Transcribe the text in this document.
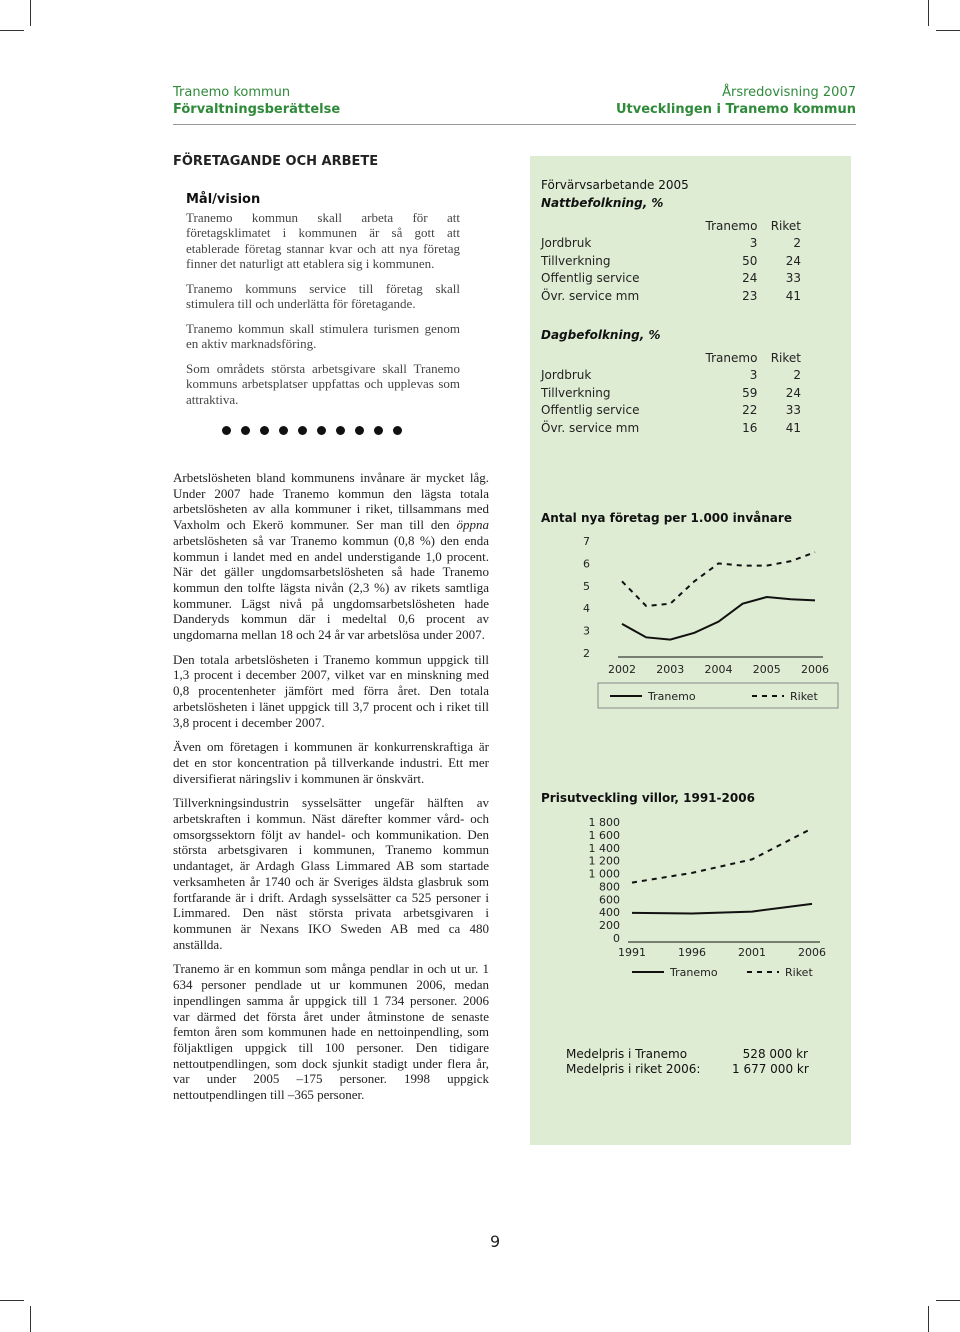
Tranemo kommun
Förvaltningsberättelse
Årsredovisning 2007
Utvecklingen i Tranemo kommun
FÖRETAGANDE OCH ARBETE
Mål/vision

Tranemo kommun skall arbeta för att företagsklimatet i kommunen är så gott att etablerade företag stannar kvar och att nya företag finner det naturligt att etablera sig i kommunen.

Tranemo kommuns service till företag skall stimulera till och underlätta för företagande.

Tranemo kommun skall stimulera turismen genom en aktiv marknadsföring.

Som områdets största arbetsgivare skall Tranemo kommuns arbetsplatser uppfattas och upplevas som attraktiva.

Arbetslösheten bland kommunens invånare är mycket låg. Under 2007 hade Tranemo kommun den lägsta totala arbetslösheten av alla kommuner i riket, tillsammans med Vaxholm och Ekerö kommuner. Ser man till den öppna arbetslösheten så var Tranemo kommun (0,8 %) den enda kommun i landet med en andel understigande 1,0 procent. När det gäller ungdomsarbetslösheten så hade Tranemo kommun den tolfte lägsta nivån (2,3 %) av rikets samtliga kommuner. Lägst nivå på ungdomsarbetslösheten hade Danderyds kommun där i medeltal 0,6 procent av ungdomarna mellan 18 och 24 år var arbetslösa under 2007.

Den totala arbetslösheten i Tranemo kommun uppgick till 1,3 procent i december 2007, vilket var en minskning med 0,8 procentenheter jämfört med förra året. Den totala arbetslösheten i länet uppgick till 3,7 procent och i riket till 3,8 procent i december 2007.

Även om företagen i kommunen är konkurrenskraftiga är det en stor koncentration på tillverkande industri. Ett mer diversifierat näringsliv i kommunen är önskvärt.

Tillverkningsindustrin sysselsätter ungefär hälften av arbetskraften i kommun. Näst därefter kommer vård- och omsorgssektorn följt av handel- och kommunikation. Den största arbetsgivaren i kommunen, Tranemo kommun undantaget, är Ardagh Glass Limmared AB som startade verksamheten år 1740 och är Sveriges äldsta glasbruk som fortfarande är i drift. Ardagh sysselsätter ca 525 personer i Limmared. Den näst största privata arbetsgivaren i kommunen är Nexans IKO Sweden AB med ca 480 anställda.

Tranemo är en kommun som många pendlar in och ut ur. 1 634 personer pendlade ut ur kommunen 2006, medan inpendlingen samma år uppgick till 1 734 personer. 2006 var därmed det första året under åtminstone de senaste femton åren som kommunen hade en nettoinpendling, som följaktligen uppgick till 100 personer. Den tidigare nettoutpendlingen, som dock sjunkit stadigt under flera år, var under 2005 –175 personer. 1998 uppgick nettoutpendlingen till –365 personer.

Förvärvsarbetande 2005
Nattbefolkning, %
	Tranemo	Riket
Jordbruk	3	2
Tillverkning	50	24
Offentlig service	24	33
Övr. service mm	23	41
Dagbefolkning, %
	Tranemo	Riket
Jordbruk	3	2
Tillverkning	59	24
Offentlig service	22	33
Övr. service mm	16	41
Antal nya företag per 1.000 invånare
2
3
4
5
6
7
2002 2003 2004 2005 2006
Tranemo	Riket
Prisutveckling villor, 1991-2006
0
200
400
600
800
1 000
1 200
1 400
1 600
1 800
1991	1996	2001	2006
Tranemo	Riket
Medelpris i Tranemo	528 000 kr
Medelpris i riket 2006:	1 677 000 kr
9
